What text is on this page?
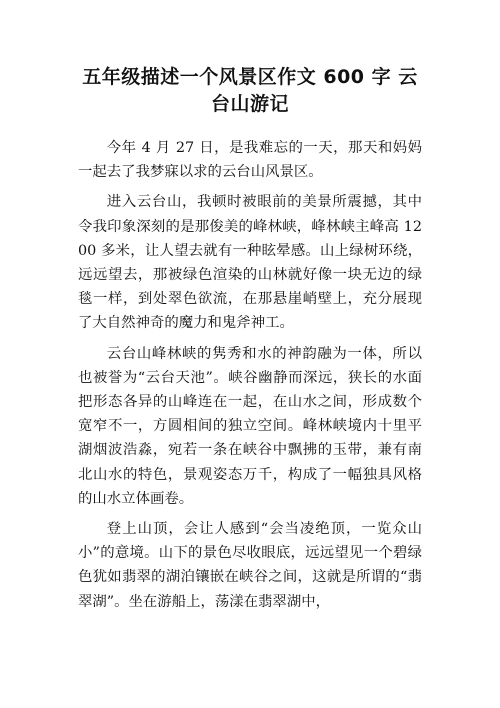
五年级描述一个风景区作文 600 字 云台山游记

今年 4 月 27 日，是我难忘的一天，那天和妈妈一起去了我梦寐以求的云台山风景区。

进入云台山，我顿时被眼前的美景所震撼，其中令我印象深刻的是那俊美的峰林峡，峰林峡主峰高 1200 多米，让人望去就有一种眩晕感。山上绿树环绕，远远望去，那被绿色渲染的山林就好像一块无边的绿毯一样，到处翠色欲流，在那悬崖峭壁上，充分展现了大自然神奇的魔力和鬼斧神工。

云台山峰林峡的隽秀和水的神韵融为一体，所以也被誉为“云台天池”。峡谷幽静而深远，狭长的水面把形态各异的山峰连在一起，在山水之间，形成数个宽窄不一，方圆相间的独立空间。峰林峡境内十里平湖烟波浩淼，宛若一条在峡谷中飘拂的玉带，兼有南北山水的特色，景观姿态万千，构成了一幅独具风格的山水立体画卷。

登上山顶，会让人感到“会当凌绝顶，一览众山小”的意境。山下的景色尽收眼底，远远望见一个碧绿色犹如翡翠的湖泊镶嵌在峡谷之间，这就是所谓的“翡翠湖”。坐在游船上，荡漾在翡翠湖中，
